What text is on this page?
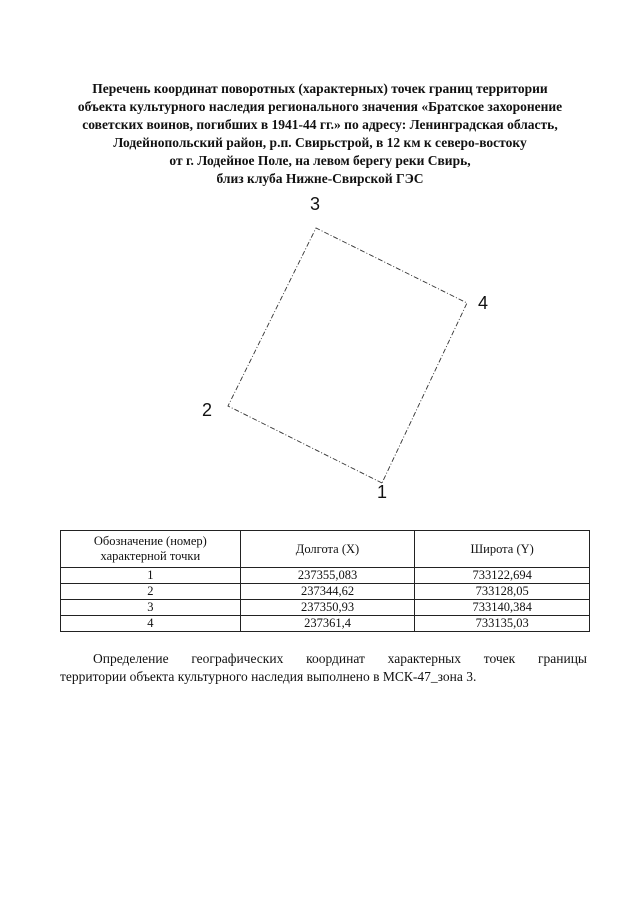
Перечень координат поворотных (характерных) точек границ территории
объекта культурного наследия регионального значения «Братское захоронение
советских воинов, погибших в 1941-44 гг.» по адресу: Ленинградская область,
Лодейнопольский район, р.п. Свирьстрой, в 12 км к северо-востоку
от г. Лодейное Поле, на левом берегу реки Свирь,
близ клуба Нижне-Свирской ГЭС
1
2
3
4
Обозначение (номер) характерной точки	Долгота (X)	Широта (Y)
1	237355,083	733122,694
2	237344,62	733128,05
3	237350,93	733140,384
4	237361,4	733135,03
Определение географических координат характерных точек границы
территории объекта культурного наследия выполнено в МСК-47_зона 3.
